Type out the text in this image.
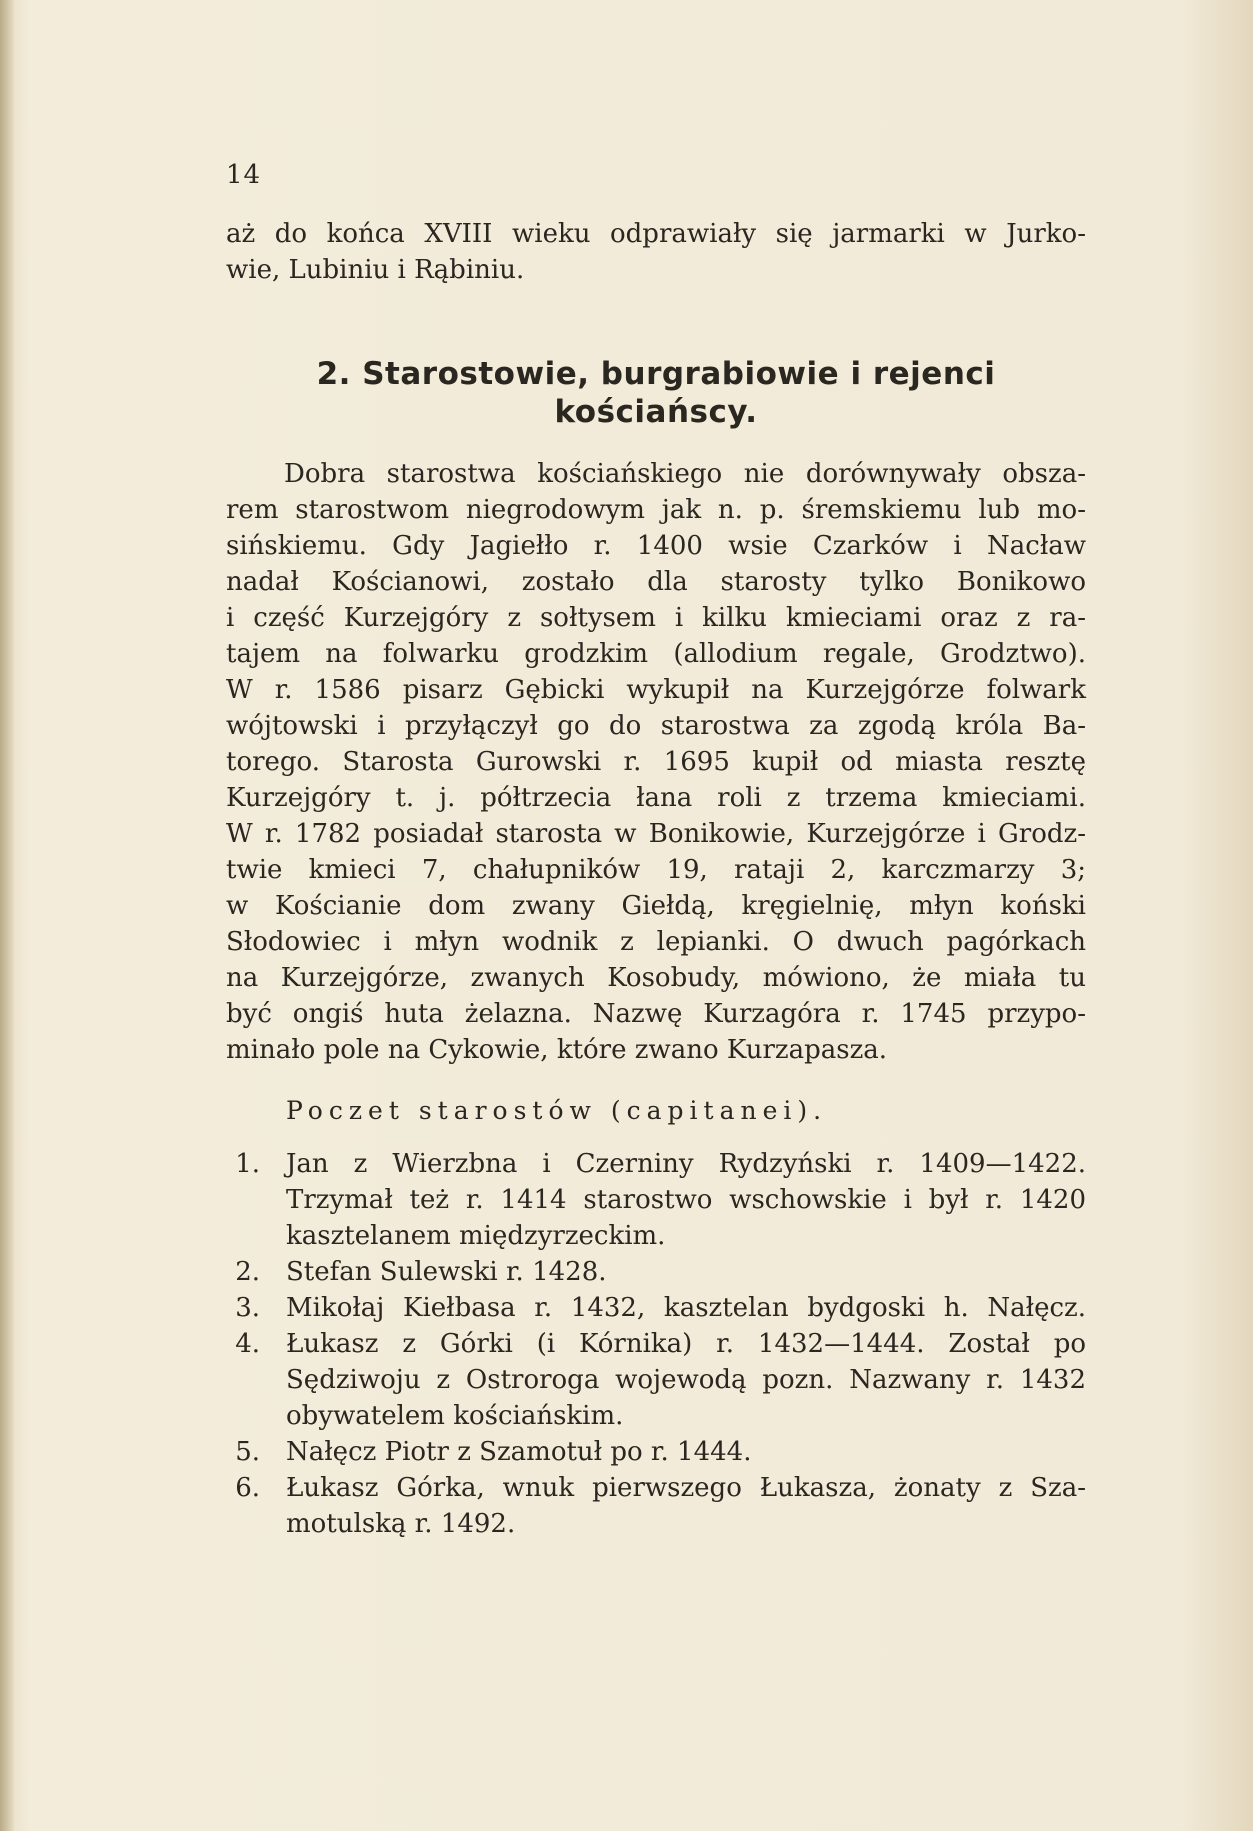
14
aż do końca XVIII wieku odprawiały się jarmarki w Jurko-
wie, Lubiniu i Rąbiniu.
2. Starostowie, burgrabiowie i rejenci
kościańscy.
Dobra starostwa kościańskiego nie dorównywały obsza-
rem starostwom niegrodowym jak n. p. śremskiemu lub mo-
sińskiemu. Gdy Jagiełło r. 1400 wsie Czarków i Nacław
nadał Kościanowi, zostało dla starosty tylko Bonikowo
i część Kurzejgóry z sołtysem i kilku kmieciami oraz z ra-
tajem na folwarku grodzkim (allodium regale, Grodztwo).
W r. 1586 pisarz Gębicki wykupił na Kurzejgórze folwark
wójtowski i przyłączył go do starostwa za zgodą króla Ba-
torego. Starosta Gurowski r. 1695 kupił od miasta resztę
Kurzejgóry t. j. półtrzecia łana roli z trzema kmieciami.
W r. 1782 posiadał starosta w Bonikowie, Kurzejgórze i Grodz-
twie kmieci 7, chałupników 19, rataji 2, karczmarzy 3;
w Kościanie dom zwany Giełdą, kręgielnię, młyn koński
Słodowiec i młyn wodnik z lepianki. O dwuch pagórkach
na Kurzejgórze, zwanych Kosobudy, mówiono, że miała tu
być ongiś huta żelazna. Nazwę Kurzagóra r. 1745 przypo-
minało pole na Cykowie, które zwano Kurzapasza.
Poczet starostów (capitanei).
1. Jan z Wierzbna i Czerniny Rydzyński r. 1409—1422.
Trzymał też r. 1414 starostwo wschowskie i był r. 1420
kasztelanem międzyrzeckim.
2. Stefan Sulewski r. 1428.
3. Mikołaj Kiełbasa r. 1432, kasztelan bydgoski h. Nałęcz.
4. Łukasz z Górki (i Kórnika) r. 1432—1444. Został po
Sędziwoju z Ostroroga wojewodą pozn. Nazwany r. 1432
obywatelem kościańskim.
5. Nałęcz Piotr z Szamotuł po r. 1444.
6. Łukasz Górka, wnuk pierwszego Łukasza, żonaty z Sza-
motulską r. 1492.
